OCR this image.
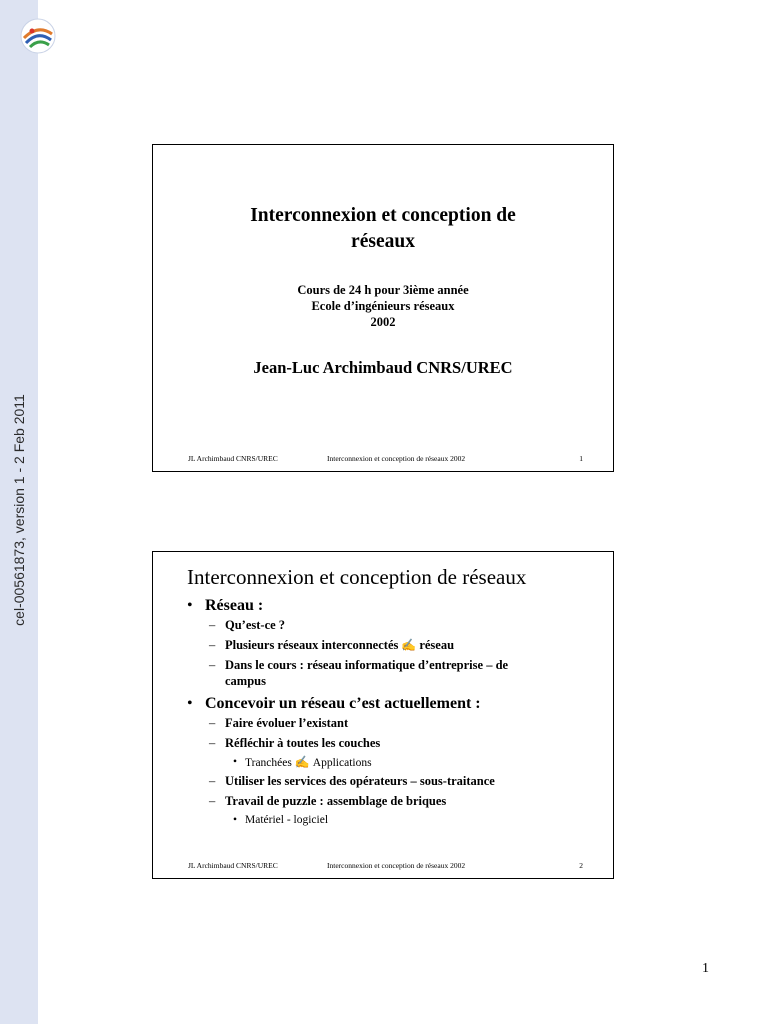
cel-00561873, version 1 - 2 Feb 2011
Interconnexion et conception de
réseaux
Cours de 24 h pour 3ième année
Ecole d’ingénieurs réseaux
2002
Jean-Luc Archimbaud CNRS/UREC
JL Archimbaud CNRS/UREC	Interconnexion et conception de réseaux 2002	1
Interconnexion et conception de réseaux
• Réseau :
– Qu’est-ce ?
– Plusieurs réseaux interconnectés ✍ réseau
– Dans le cours : réseau informatique d’entreprise – de
campus
• Concevoir un réseau c’est actuellement :
– Faire évoluer l’existant
– Réfléchir à toutes les couches
• Tranchées ✍ Applications
– Utiliser les services des opérateurs – sous-traitance
– Travail de puzzle : assemblage de briques
• Matériel - logiciel
JL Archimbaud CNRS/UREC	Interconnexion et conception de réseaux 2002	2
1
